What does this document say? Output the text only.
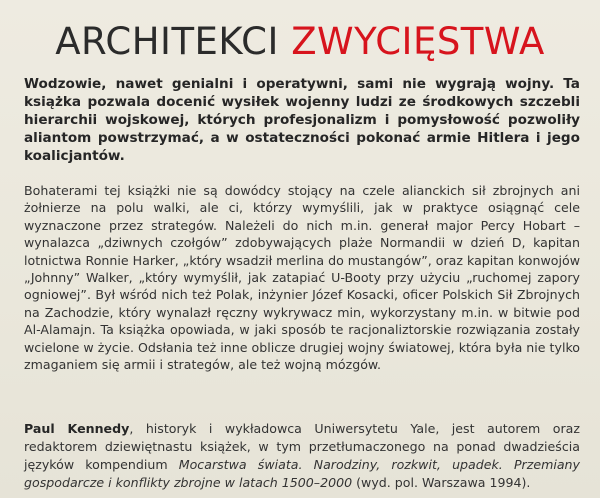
ARCHITEKCI ZWYCIĘSTWA

Wodzowie, nawet genialni i operatywni, sami nie wygrają wojny. Ta książka pozwala docenić wysiłek wojenny ludzi ze środkowych szczebli hierarchii wojskowej, których profesjonalizm i pomysłowość pozwoliły aliantom powstrzymać, a w ostateczności pokonać armie Hitlera i jego koalicjantów.

Bohaterami tej książki nie są dowódcy stojący na czele alianckich sił zbrojnych ani żołnierze na polu walki, ale ci, którzy wymyślili, jak w praktyce osiągnąć cele wyznaczone przez strategów. Należeli do nich m.in. generał major Percy Hobart – wynalazca „dziwnych czołgów” zdobywających plaże Normandii w dzień D, kapitan lotnictwa Ronnie Harker, „który wsadził merlina do mustangów”, oraz kapitan konwojów „Johnny” Walker, „który wymyślił, jak zatapiać U-Booty przy użyciu „ruchomej zapory ogniowej”. Był wśród nich też Polak, inżynier Józef Kosacki, oficer Polskich Sił Zbrojnych na Zachodzie, który wynalazł ręczny wykrywacz min, wykorzystany m.in. w bitwie pod Al-Alamajn. Ta książka opowiada, w jaki sposób te racjonaliztorskie rozwiązania zostały wcielone w życie. Odsłania też inne oblicze drugiej wojny światowej, która była nie tylko zmaganiem się armii i strategów, ale też wojną mózgów.

Paul Kennedy, historyk i wykładowca Uniwersytetu Yale, jest autorem oraz redaktorem dziewiętnastu książek, w tym przetłumaczonego na ponad dwadzieścia języków kompendium Mocarstwa świata. Narodziny, rozkwit, upadek. Przemiany gospodarcze i konflikty zbrojne w latach 1500–2000 (wyd. pol. Warszawa 1994).
